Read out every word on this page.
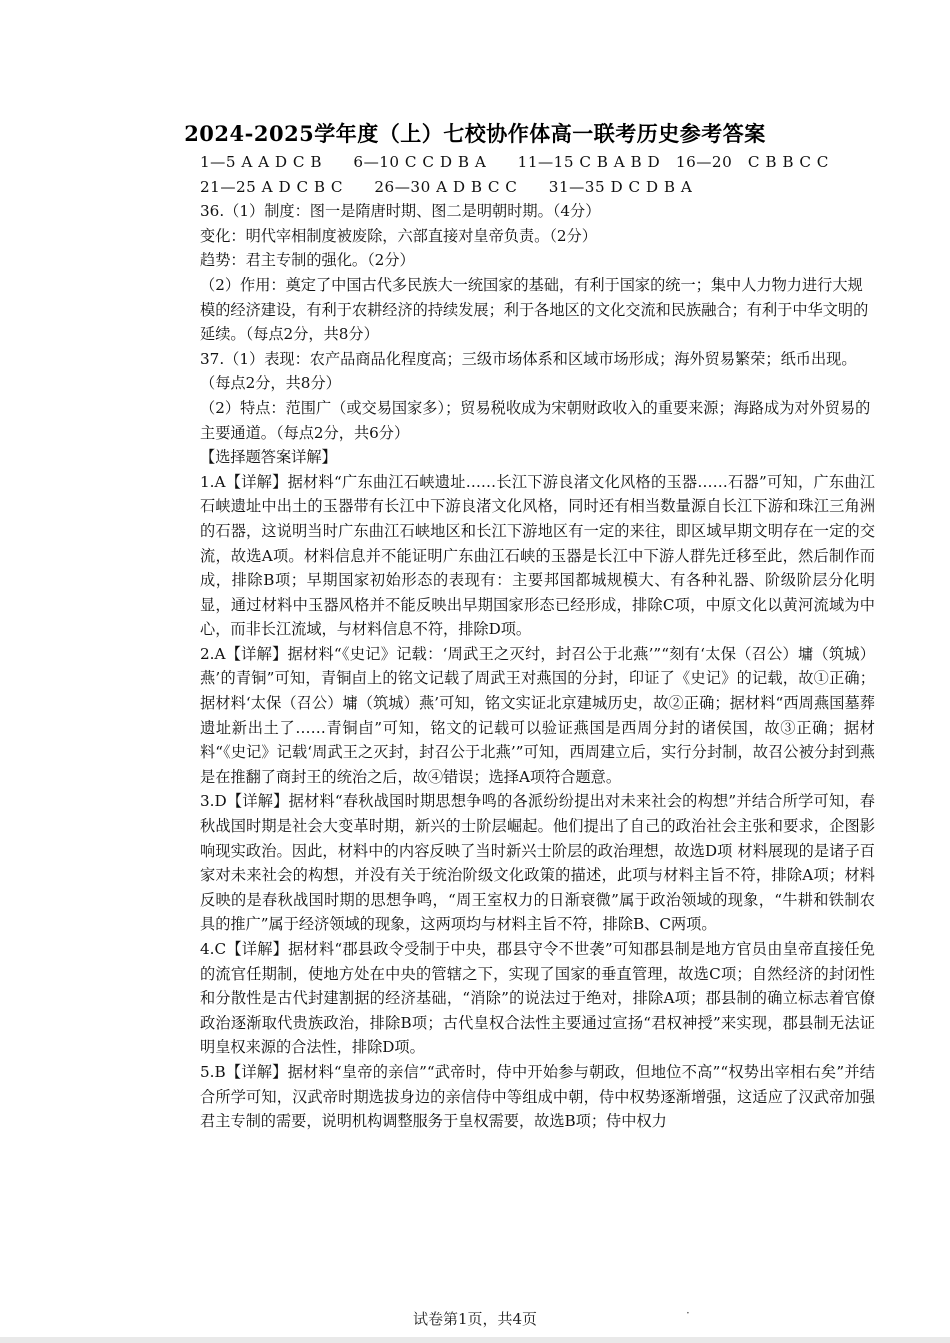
2024-2025学年度（上）七校协作体高一联考历史参考答案

1—5 A A D C B　　6—10 C C D B A　　11—15 C B A B D　16—20　C B B C C

21—25 A D C B C　　26—30 A D B C C　　31—35 D C D B A

36.（1）制度：图一是隋唐时期、图二是明朝时期。（4分）

变化：明代宰相制度被废除，六部直接对皇帝负责。（2分）

趋势：君主专制的强化。（2分）

（2）作用：奠定了中国古代多民族大一统国家的基础，有利于国家的统一；集中人力物力进行大规模的经济建设，有利于农耕经济的持续发展；利于各地区的文化交流和民族融合；有利于中华文明的延续。（每点2分，共8分）

37.（1）表现：农产品商品化程度高；三级市场体系和区域市场形成；海外贸易繁荣；纸币出现。（每点2分，共8分）

（2）特点：范围广（或交易国家多）；贸易税收成为宋朝财政收入的重要来源；海路成为对外贸易的主要通道。（每点2分，共6分）

【选择题答案详解】

1.A【详解】据材料“广东曲江石峡遗址……长江下游良渚文化风格的玉器……石器”可知，广东曲江石峡遗址中出土的玉器带有长江中下游良渚文化风格，同时还有相当数量源自长江下游和珠江三角洲的石器，这说明当时广东曲江石峡地区和长江下游地区有一定的来往，即区域早期文明存在一定的交流，故选A项。材料信息并不能证明广东曲江石峡的玉器是长江中下游人群先迁移至此，然后制作而成，排除B项；早期国家初始形态的表现有：主要邦国都城规模大、有各种礼器、阶级阶层分化明显，通过材料中玉器风格并不能反映出早期国家形态已经形成，排除C项，中原文化以黄河流域为中心，而非长江流域，与材料信息不符，排除D项。

2.A【详解】据材料“《史记》记载：‘周武王之灭纣，封召公于北燕’”“刻有‘太保（召公）墉（筑城）燕’的青铜”可知，青铜卣上的铭文记载了周武王对燕国的分封，印证了《史记》的记载，故①正确；据材料‘太保（召公）墉（筑城）燕’可知，铭文实证北京建城历史，故②正确；据材料“西周燕国墓葬遗址新出土了……青铜卣”可知，铭文的记载可以验证燕国是西周分封的诸侯国，故③正确；据材料“《史记》记载‘周武王之灭封，封召公于北燕’”可知，西周建立后，实行分封制，故召公被分封到燕是在推翻了商封王的统治之后，故④错误；选择A项符合题意。

3.D【详解】据材料“春秋战国时期思想争鸣的各派纷纷提出对未来社会的构想”并结合所学可知，春秋战国时期是社会大变革时期，新兴的士阶层崛起。他们提出了自己的政治社会主张和要求，企图影响现实政治。因此，材料中的内容反映了当时新兴士阶层的政治理想，故选D项 材料展现的是诸子百家对未来社会的构想，并没有关于统治阶级文化政策的描述，此项与材料主旨不符，排除A项；材料反映的是春秋战国时期的思想争鸣，“周王室权力的日渐衰微”属于政治领域的现象，“牛耕和铁制农具的推广”属于经济领域的现象，这两项均与材料主旨不符，排除B、C两项。

4.C【详解】据材料“郡县政令受制于中央，郡县守令不世袭”可知郡县制是地方官员由皇帝直接任免的流官任期制，使地方处在中央的管辖之下，实现了国家的垂直管理，故选C项；自然经济的封闭性和分散性是古代封建割据的经济基础，“消除”的说法过于绝对，排除A项；郡县制的确立标志着官僚政治逐渐取代贵族政治，排除B项；古代皇权合法性主要通过宣扬“君权神授”来实现，郡县制无法证明皇权来源的合法性，排除D项。

5.B【详解】据材料“皇帝的亲信”“武帝时，侍中开始参与朝政，但地位不高”“权势出宰相右矣”并结合所学可知，汉武帝时期选拔身边的亲信侍中等组成中朝，侍中权势逐渐增强，这适应了汉武帝加强君主专制的需要，说明机构调整服务于皇权需要，故选B项；侍中权力

试卷第1页，共4页	·
